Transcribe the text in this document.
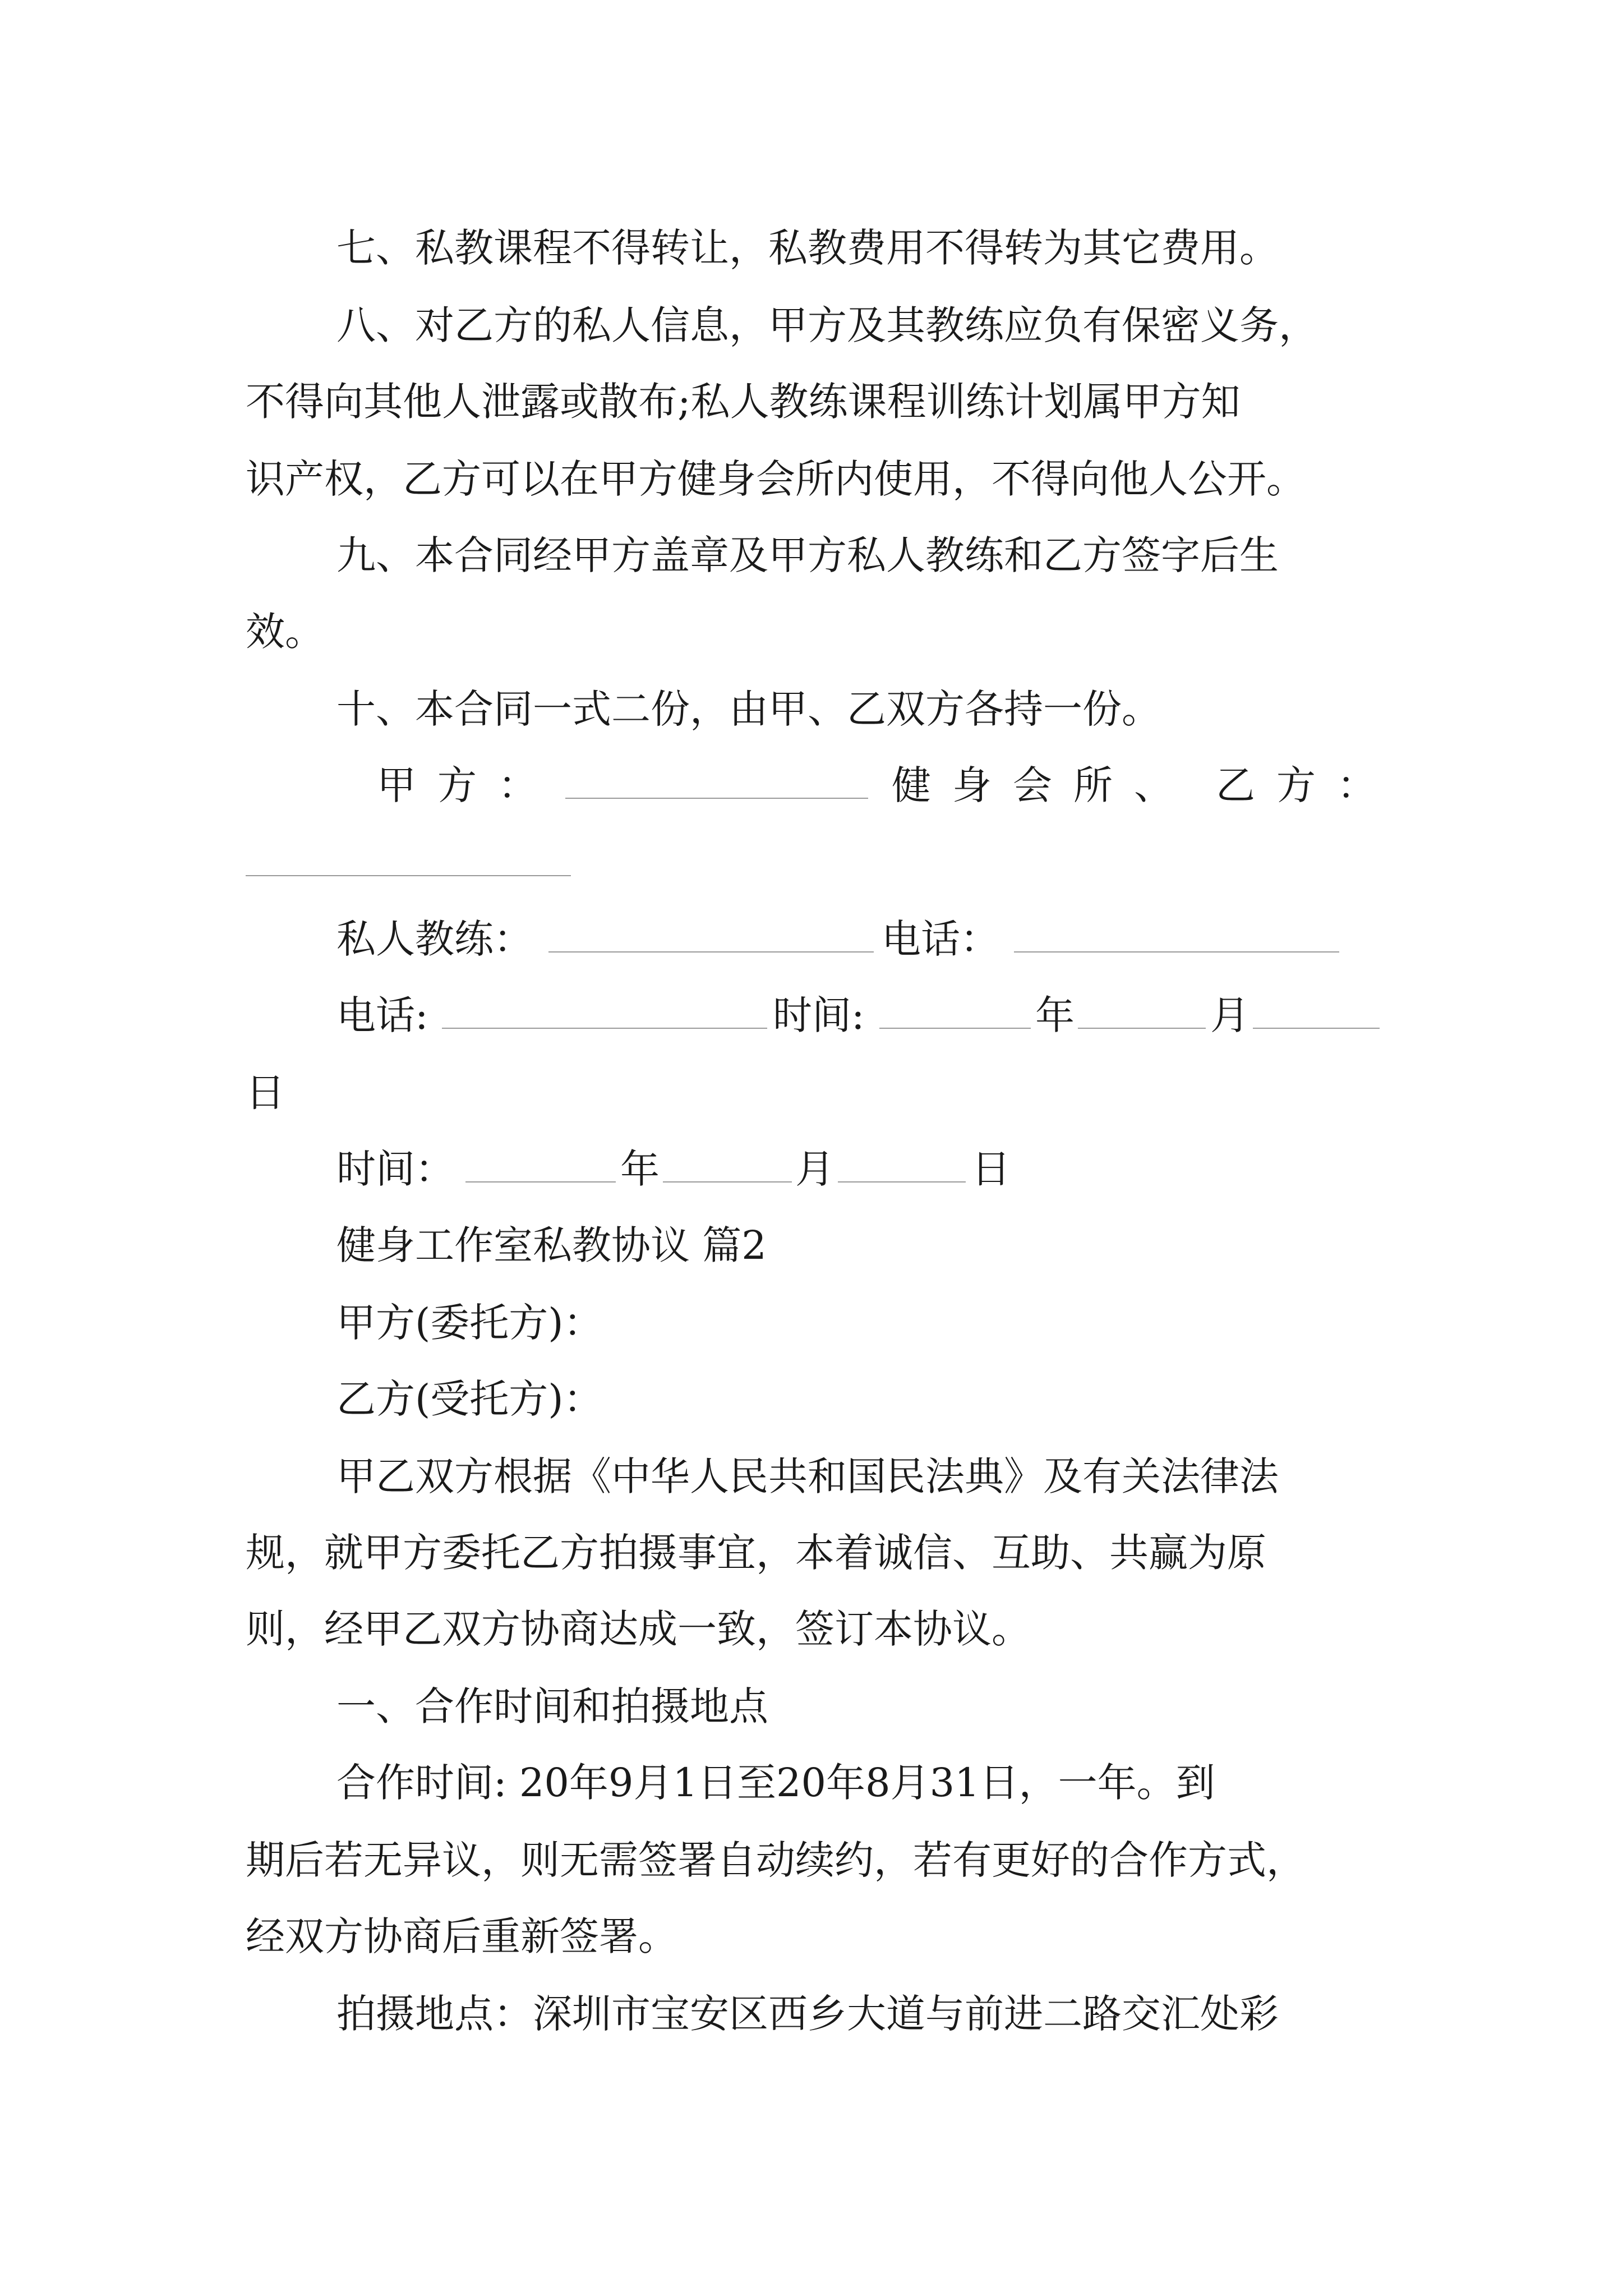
七、私教课程不得转让，私教费用不得转为其它费用。
八、对乙方的私人信息，甲方及其教练应负有保密义务，
不得向其他人泄露或散布;私人教练课程训练计划属甲方知
识产权，乙方可以在甲方健身会所内使用，不得向他人公开。
九、本合同经甲方盖章及甲方私人教练和乙方签字后生
效。
十、本合同一式二份，由甲、乙双方各持一份。
甲方：	健身会所、 乙方：
私人教练：	电话：
电话:	时间:	年	月
日
时间：	年	月	日
健身工作室私教协议 篇2
甲方(委托方)：
乙方(受托方)：
甲乙双方根据《中华人民共和国民法典》及有关法律法
规，就甲方委托乙方拍摄事宜，本着诚信、互助、共赢为原
则，经甲乙双方协商达成一致，签订本协议。
一、合作时间和拍摄地点
合作时间: 20年9月1日至20年8月31日，一年。到
期后若无异议，则无需签署自动续约，若有更好的合作方式，
经双方协商后重新签署。
拍摄地点：深圳市宝安区西乡大道与前进二路交汇处彩
